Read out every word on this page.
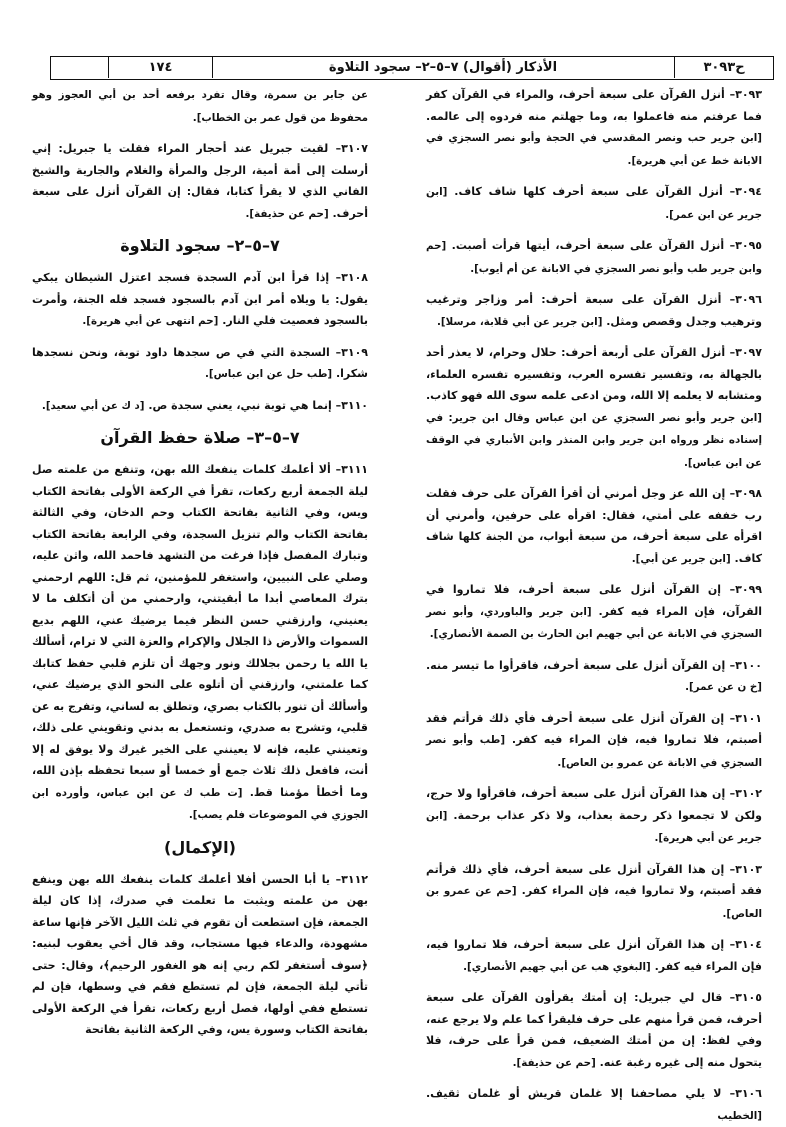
ح٣٠٩٣
الأذكار (أقوال) ٧–٥–٢– سجود التلاوة
١٧٤

٣٠٩٣– أنزل القرآن على سبعة أحرف، والمراء في القرآن كفر فما عرفتم منه فاعملوا به، وما جهلتم منه فردوه إلى عالمه. [ابن جرير حب ونصر المقدسي في الحجة وأبو نصر السجزي في الابانة خط عن أبي هريرة].

٣٠٩٤– أنزل القرآن على سبعة أحرف كلها شاف كاف. [ابن جرير عن ابن عمر].

٣٠٩٥– أنزل القرآن على سبعة أحرف، أيتها قرأت أصبت. [حم وابن جرير طب وأبو نصر السجزي في الابانة عن أم أيوب].

٣٠٩٦– أنزل القرآن على سبعة أحرف: أمر وزاجر وترغيب وترهيب وجدل وقصص ومثل. [ابن جرير عن أبي قلابة، مرسلا].

٣٠٩٧– أنزل القرآن على أربعة أحرف: حلال وحرام، لا يعذر أحد بالجهالة به، وتفسير تفسره العرب، وتفسيره تفسره العلماء، ومتشابه لا يعلمه إلا الله، ومن ادعى علمه سوى الله فهو كاذب. [ابن جرير وأبو نصر السجزي عن ابن عباس وقال ابن جرير: في إسناده نظر ورواه ابن جرير وابن المنذر وابن الأنباري في الوقف عن ابن عباس].

٣٠٩٨– إن الله عز وجل أمرني أن أقرأ القرآن على حرف فقلت رب خففه على أمتي، فقال: اقرأه على حرفين، وأمرني أن اقرأه على سبعة أحرف، من سبعة أبواب، من الجنة كلها شاف كاف. [ابن جرير عن أبي].

٣٠٩٩– إن القرآن أنزل على سبعة أحرف، فلا تماروا في القرآن، فإن المراء فيه كفر. [ابن جرير والباوردي، وأبو نصر السجزي في الابانة عن أبي جهيم ابن الحارث بن الصمة الأنصاري].

٣١٠٠– إن القرآن أنزل على سبعة أحرف، فاقرأوا ما تيسر منه. [خ ن عن عمر].

٣١٠١– إن القرآن أنزل على سبعة أحرف فأي ذلك قرأتم فقد أصبتم، فلا تماروا فيه، فإن المراء فيه كفر. [طب وأبو نصر السجزي في الابانة عن عمرو بن العاص].

٣١٠٢– إن هذا القرآن أنزل على سبعة أحرف، فاقرأوا ولا حرج، ولكن لا تجمعوا ذكر رحمة بعذاب، ولا ذكر عذاب برحمة. [ابن جرير عن أبي هريرة].

٣١٠٣– إن هذا القرآن أنزل على سبعة أحرف، فأي ذلك قرأتم فقد أصبتم، ولا تماروا فيه، فإن المراء كفر. [حم عن عمرو بن العاص].

٣١٠٤– إن هذا القرآن أنزل على سبعة أحرف، فلا تماروا فيه، فإن المراء فيه كفر. [البغوي هب عن أبي جهيم الأنصاري].

٣١٠٥– قال لي جبريل: إن أمتك يقرأون القرآن على سبعة أحرف، فمن قرأ منهم على حرف فليقرأ كما علم ولا يرجع عنه، وفي لفظ: إن من أمتك الضعيف، فمن قرأ على حرف، فلا يتحول منه إلى غيره رغبة عنه. [حم عن حذيفة].

٣١٠٦– لا يلي مصاحفنا إلا غلمان قريش أو غلمان ثقيف. [الخطيب

عن جابر بن سمرة، وقال تفرد برفعه أحد بن أبي العجوز وهو محفوظ من قول عمر بن الخطاب].

٣١٠٧– لقيت جبريل عند أحجار المراء فقلت يا جبريل: إني أرسلت إلى أمة أمية، الرجل والمرأة والغلام والجارية والشيخ الفاني الذي لا يقرأ كتابا، فقال: إن القرآن أنزل على سبعة أحرف. [حم عن حذيفة].

٧–٥–٢– سجود التلاوة

٣١٠٨– إذا قرأ ابن آدم السجدة فسجد اعتزل الشيطان يبكي يقول: يا ويلاه أمر ابن آدم بالسجود فسجد فله الجنة، وأمرت بالسجود فعصيت فلي النار. [حم انتهى عن أبي هريرة].

٣١٠٩– السجدة التي في ص سجدها داود توبة، ونحن نسجدها شكرا. [طب حل عن ابن عباس].

٣١١٠– إنما هي توبة نبي، يعني سجدة ص. [د ك عن أبي سعيد].

٧–٥–٣– صلاة حفظ القرآن

٣١١١– ألا أعلمك كلمات ينفعك الله بهن، وتنفع من علمته صل ليلة الجمعة أربع ركعات، تقرأ في الركعة الأولى بفاتحة الكتاب ويس، وفي الثانية بفاتحة الكتاب وحم الدخان، وفي الثالثة بفاتحة الكتاب والم تنزيل السجدة، وفي الرابعة بفاتحة الكتاب وتبارك المفصل فإذا فرغت من التشهد فاحمد الله، واثن عليه، وصلي على النبيين، واستغفر للمؤمنين، ثم قل: اللهم ارحمني بترك المعاصي أبدا ما أبقيتني، وارحمني من أن أتكلف ما لا يعنيني، وارزقني حسن النظر فيما يرضيك عني، اللهم بديع السموات والأرض ذا الجلال والإكرام والعزة التي لا ترام، أسألك يا الله يا رحمن بجلالك ونور وجهك أن تلزم قلبي حفظ كتابك كما علمتني، وارزقني أن أتلوه على النحو الذي يرضيك عني، وأسألك أن تنور بالكتاب بصري، وتطلق به لساني، وتفرج به عن قلبي، وتشرح به صدري، وتستعمل به بدني وتقويني على ذلك، وتعينني عليه، فإنه لا يعينني على الخير غيرك ولا يوفق له إلا أنت، فافعل ذلك ثلاث جمع أو خمسا أو سبعا تحفظه بإذن الله، وما أخطأ مؤمنا قط. [ت طب ك عن ابن عباس، وأورده ابن الجوزي في الموضوعات فلم يصب].

(الإكمال)

٣١١٢– يا أبا الحسن أفلا أعلمك كلمات ينفعك الله بهن وينفع بهن من علمته ويثبت ما تعلمت في صدرك، إذا كان ليلة الجمعة، فإن استطعت أن تقوم في ثلث الليل الآخر فإنها ساعة مشهودة، والدعاء فيها مستجاب، وقد قال أخي يعقوب لبنيه: ﴿سوف أستغفر لكم ربي إنه هو الغفور الرحيم﴾، وقال: حتى تأتي ليلة الجمعة، فإن لم تستطع فقم في وسطها، فإن لم تستطع ففي أولها، فصل أربع ركعات، تقرأ في الركعة الأولى بفاتحة الكتاب وسورة يس، وفي الركعة الثانية بفاتحة
